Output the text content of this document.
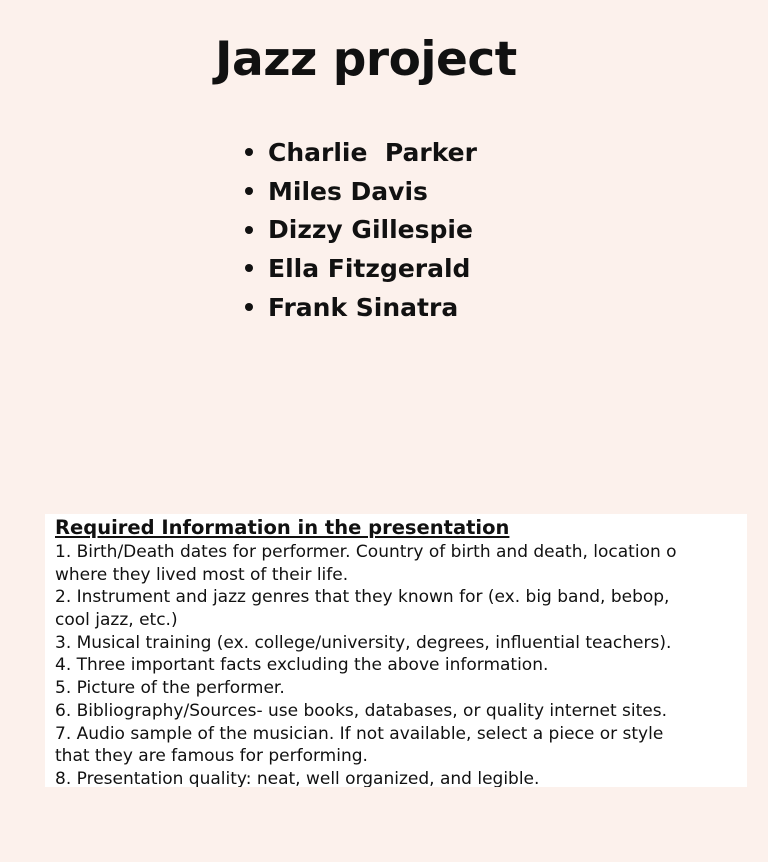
Jazz project
Charlie  Parker
Miles Davis
Dizzy Gillespie
Ella Fitzgerald
Frank Sinatra
Required Information in the presentation
1. Birth/Death dates for performer. Country of birth and death, location o
where they lived most of their life.
2. Instrument and jazz genres that they known for (ex. big band, bebop,
cool jazz, etc.)
3. Musical training (ex. college/university, degrees, influential teachers).
4. Three important facts excluding the above information.
5. Picture of the performer.
6. Bibliography/Sources- use books, databases, or quality internet sites.
7. Audio sample of the musician. If not available, select a piece or style
that they are famous for performing.
8. Presentation quality: neat, well organized, and legible.
